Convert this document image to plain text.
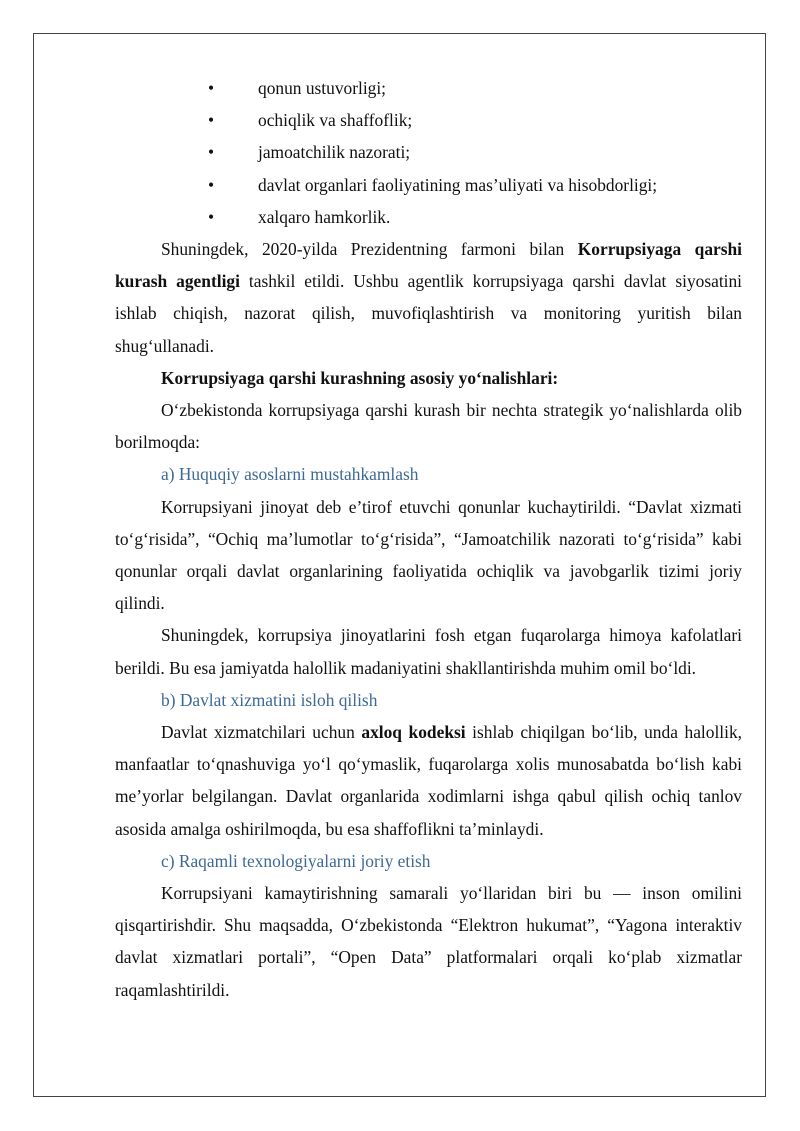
•	qonun ustuvorligi;
•	ochiqlik va shaffoflik;
•	jamoatchilik nazorati;
•	davlat organlari faoliyatining mas’uliyati va hisobdorligi;
•	xalqaro hamkorlik.

Shuningdek, 2020-yilda Prezidentning farmoni bilan Korrupsiyaga qarshi kurash agentligi tashkil etildi. Ushbu agentlik korrupsiyaga qarshi davlat siyosatini ishlab chiqish, nazorat qilish, muvofiqlashtirish va monitoring yuritish bilan shug‘ullanadi.

Korrupsiyaga qarshi kurashning asosiy yo‘nalishlari:

O‘zbekistonda korrupsiyaga qarshi kurash bir nechta strategik yo‘nalishlarda olib borilmoqda:

a) Huquqiy asoslarni mustahkamlash

Korrupsiyani jinoyat deb e’tirof etuvchi qonunlar kuchaytirildi. “Davlat xizmati to‘g‘risida”, “Ochiq ma’lumotlar to‘g‘risida”, “Jamoatchilik nazorati to‘g‘risida” kabi qonunlar orqali davlat organlarining faoliyatida ochiqlik va javobgarlik tizimi joriy qilindi.

Shuningdek, korrupsiya jinoyatlarini fosh etgan fuqarolarga himoya kafolatlari berildi. Bu esa jamiyatda halollik madaniyatini shakllantirishda muhim omil bo‘ldi.

b) Davlat xizmatini isloh qilish

Davlat xizmatchilari uchun axloq kodeksi ishlab chiqilgan bo‘lib, unda halollik, manfaatlar to‘qnashuviga yo‘l qo‘ymaslik, fuqarolarga xolis munosabatda bo‘lish kabi me’yorlar belgilangan. Davlat organlarida xodimlarni ishga qabul qilish ochiq tanlov asosida amalga oshirilmoqda, bu esa shaffoflikni ta’minlaydi.

c) Raqamli texnologiyalarni joriy etish

Korrupsiyani kamaytirishning samarali yo‘llaridan biri bu — inson omilini qisqartirishdir. Shu maqsadda, O‘zbekistonda “Elektron hukumat”, “Yagona interaktiv davlat xizmatlari portali”, “Open Data” platformalari orqali ko‘plab xizmatlar raqamlashtirildi.
